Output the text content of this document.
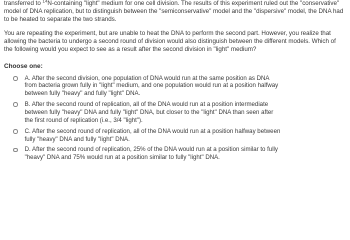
transferred to $^{14}$N-containing "light" medium for one cell division. The results of this experiment ruled out the "conservative" model of DNA replication, but to distinguish between the "semiconservative" model and the "dispersive" model, the DNA had to be heated to separate the two strands.

You are repeating the experiment, but are unable to heat the DNA to perform the second part. However, you realize that allowing the bacteria to undergo a second round of division would also distinguish between the different models. Which of the following would you expect to see as a result after the second division in "light" medium?

Choose one:
A. After the second division, one population of DNA would run at the same position as DNA from bacteria grown fully in "light" medium, and one population would run at a position halfway between fully "heavy" and fully "light" DNA.
B. After the second round of replication, all of the DNA would run at a position intermediate between fully "heavy" DNA and fully "light" DNA, but closer to the "light" DNA than seen after the first round of replication (i.e., 3/4 "light").
C. After the second round of replication, all of the DNA would run at a position halfway between fully "heavy" DNA and fully "light" DNA.
D. After the second round of replication, 25% of the DNA would run at a position similar to fully "heavy" DNA and 75% would run at a position similar to fully "light" DNA.
